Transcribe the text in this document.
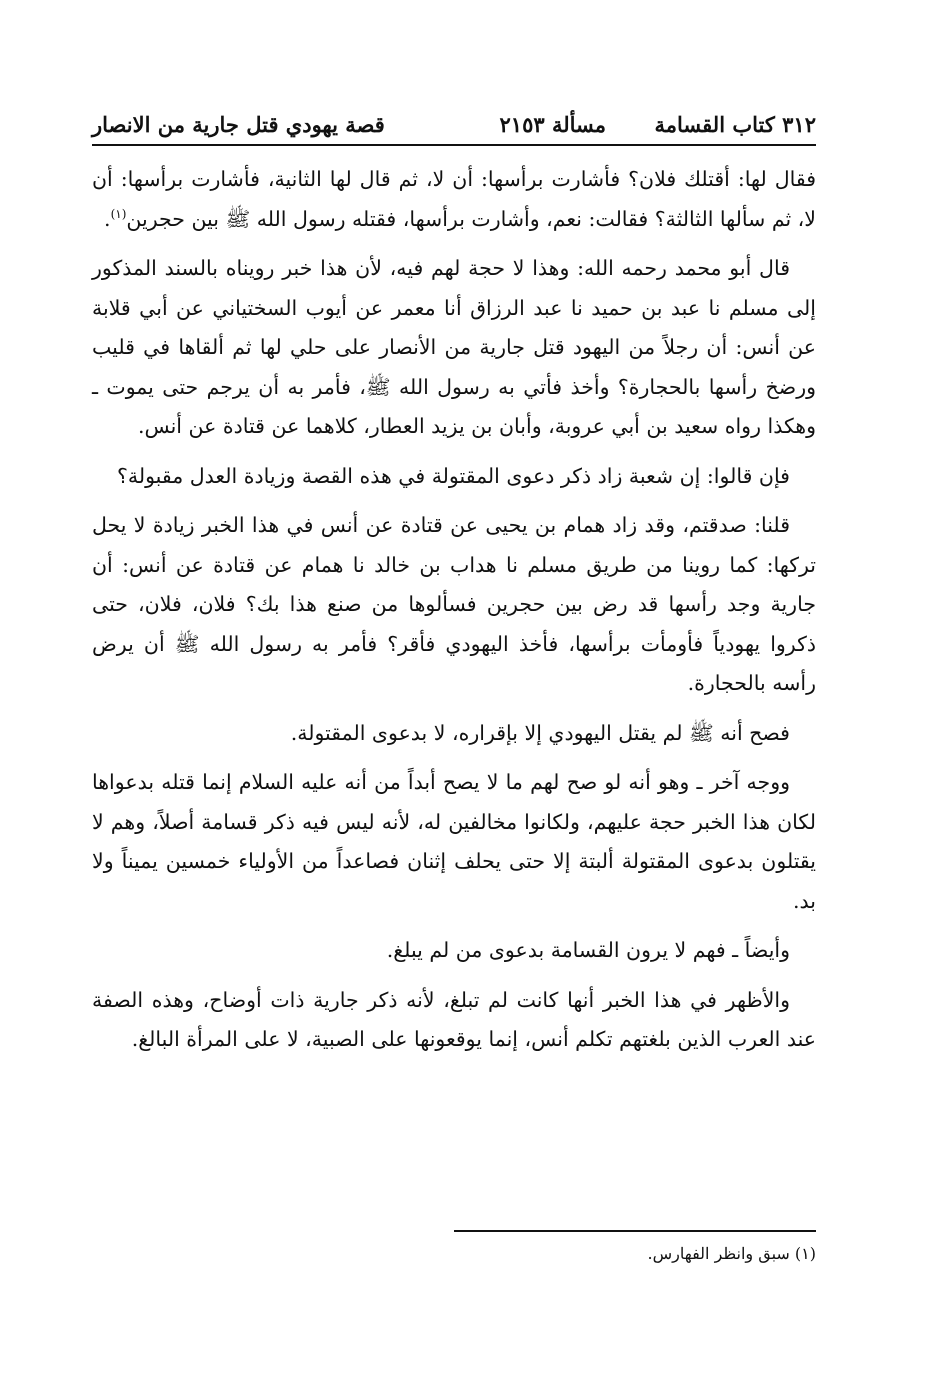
٣١٢ كتاب القسامة
مسألة ٢١٥٣
قصة يهودي قتل جارية من الانصار

فقال لها: أقتلك فلان؟ فأشارت برأسها: أن لا، ثم قال لها الثانية، فأشارت برأسها: أن لا، ثم سألها الثالثة؟ فقالت: نعم، وأشارت برأسها، فقتله رسول الله ﷺ بين حجرين$^{(١)}$.

قال أبو محمد رحمه الله: وهذا لا حجة لهم فيه، لأن هذا خبر رويناه بالسند المذكور إلى مسلم نا عبد بن حميد نا عبد الرزاق أنا معمر عن أيوب السختياني عن أبي قلابة عن أنس: أن رجلاً من اليهود قتل جارية من الأنصار على حلي لها ثم ألقاها في قليب ورضخ رأسها بالحجارة؟ وأخذ فأتي به رسول الله ﷺ، فأمر به أن يرجم حتى يموت ـ وهكذا رواه سعيد بن أبي عروبة، وأبان بن يزيد العطار، كلاهما عن قتادة عن أنس.

فإن قالوا: إن شعبة زاد ذكر دعوى المقتولة في هذه القصة وزيادة العدل مقبولة؟

قلنا: صدقتم، وقد زاد همام بن يحيى عن قتادة عن أنس في هذا الخبر زيادة لا يحل تركها: كما روينا من طريق مسلم نا هداب بن خالد نا همام عن قتادة عن أنس: أن جارية وجد رأسها قد رض بين حجرين فسألوها من صنع هذا بك؟ فلان، فلان، حتى ذكروا يهودياً فأومأت برأسها، فأخذ اليهودي فأقر؟ فأمر به رسول الله ﷺ أن يرض رأسه بالحجارة.

فصح أنه ﷺ لم يقتل اليهودي إلا بإقراره، لا بدعوى المقتولة.

ووجه آخر ـ وهو أنه لو صح لهم ما لا يصح أبداً من أنه عليه السلام إنما قتله بدعواها لكان هذا الخبر حجة عليهم، ولكانوا مخالفين له، لأنه ليس فيه ذكر قسامة أصلاً، وهم لا يقتلون بدعوى المقتولة ألبتة إلا حتى يحلف إثنان فصاعداً من الأولياء خمسين يميناً ولا بد.

وأيضاً ـ فهم لا يرون القسامة بدعوى من لم يبلغ.

والأظهر في هذا الخبر أنها كانت لم تبلغ، لأنه ذكر جارية ذات أوضاح، وهذه الصفة عند العرب الذين بلغتهم تكلم أنس، إنما يوقعونها على الصبية، لا على المرأة البالغ.

(١) سبق وانظر الفهارس.
